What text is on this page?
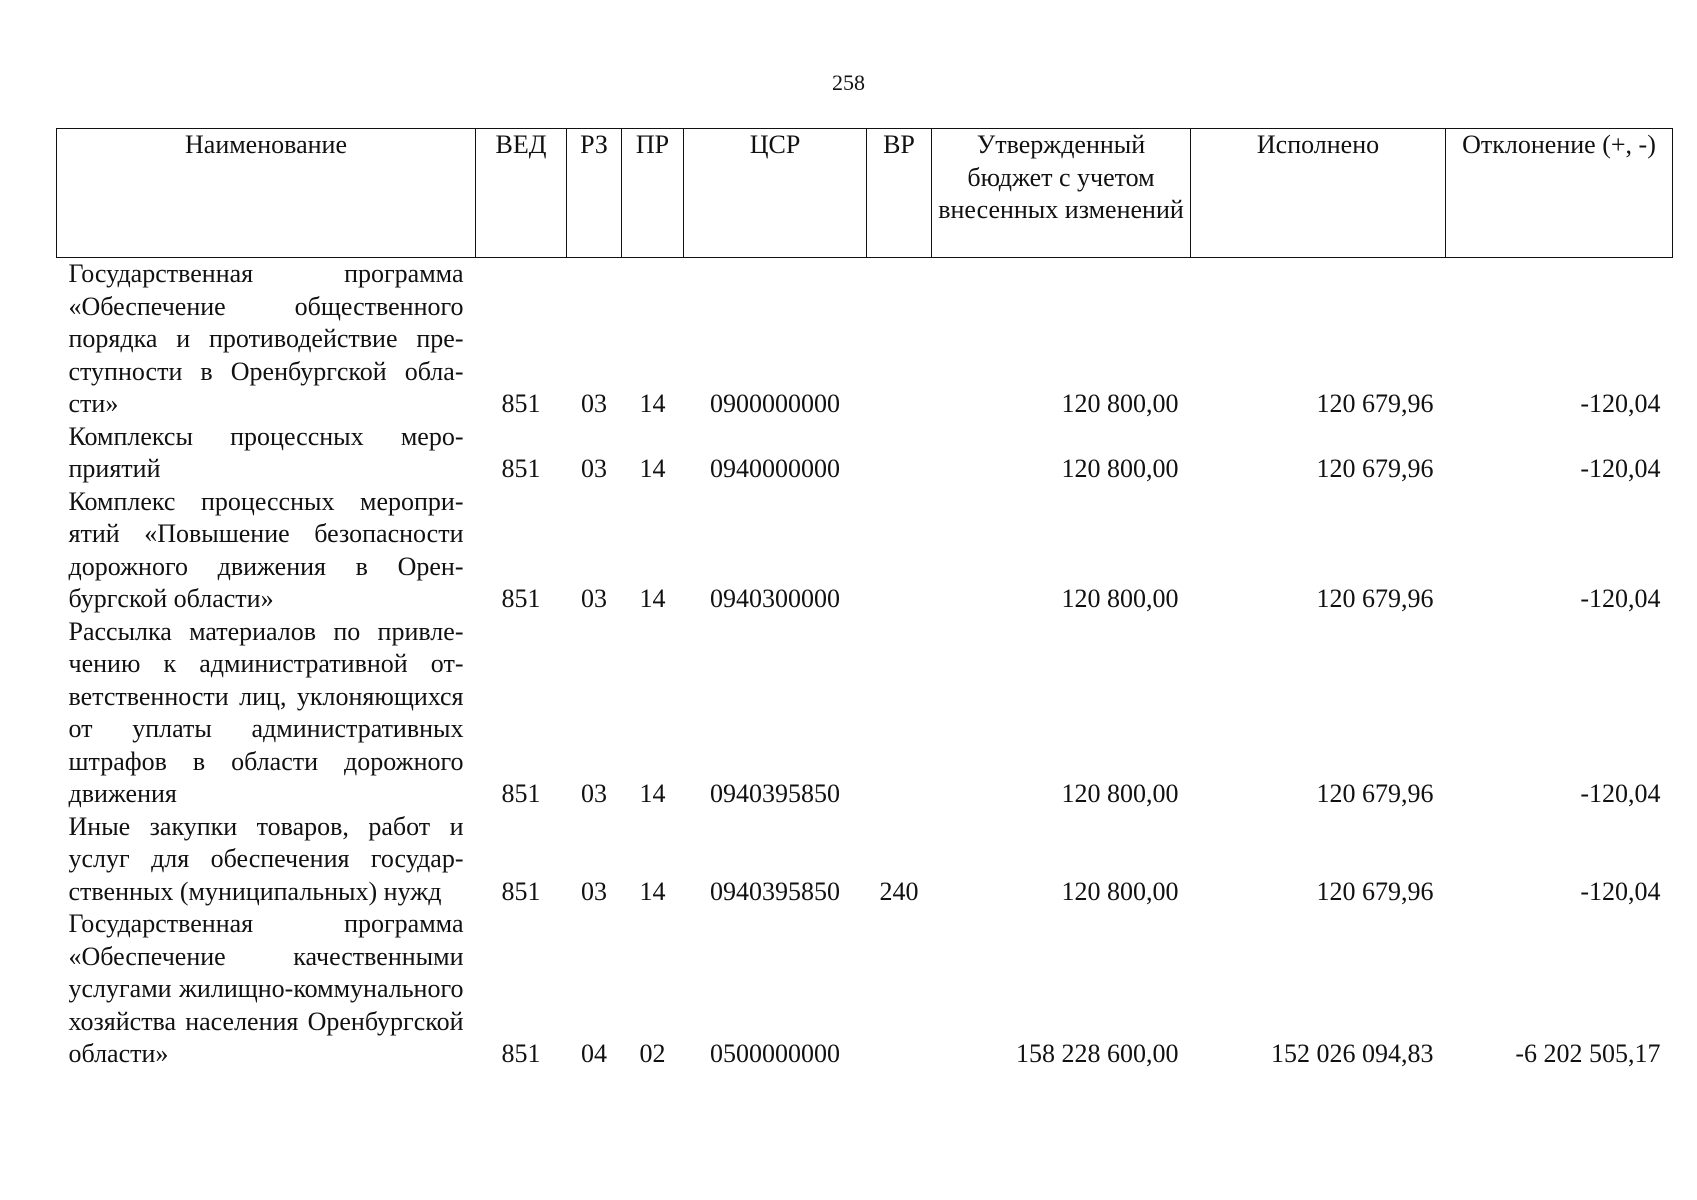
258
Наименование	ВЕД	РЗ	ПР	ЦСР	ВР	Утвержденный бюджет с учетом внесенных изменений	Исполнено	Отклонение (+, -)
Государственная программа «Обеспечение общественного порядка и противодействие преступности в Оренбургской области»	851	03	14	0900000000		120 800,00	120 679,96	-120,04
Комплексы процессных мероприятий	851	03	14	0940000000		120 800,00	120 679,96	-120,04
Комплекс процессных мероприятий «Повышение безопасности дорожного движения в Оренбургской области»	851	03	14	0940300000		120 800,00	120 679,96	-120,04
Рассылка материалов по привлечению к административной ответственности лиц, уклоняющихся от уплаты административных штрафов в области дорожного движения	851	03	14	0940395850		120 800,00	120 679,96	-120,04
Иные закупки товаров, работ и услуг для обеспечения государственных (муниципальных) нужд	851	03	14	0940395850	240	120 800,00	120 679,96	-120,04
Государственная программа «Обеспечение качественными услугами жилищно-коммунального хозяйства населения Оренбургской области»	851	04	02	0500000000		158 228 600,00	152 026 094,83	-6 202 505,17
